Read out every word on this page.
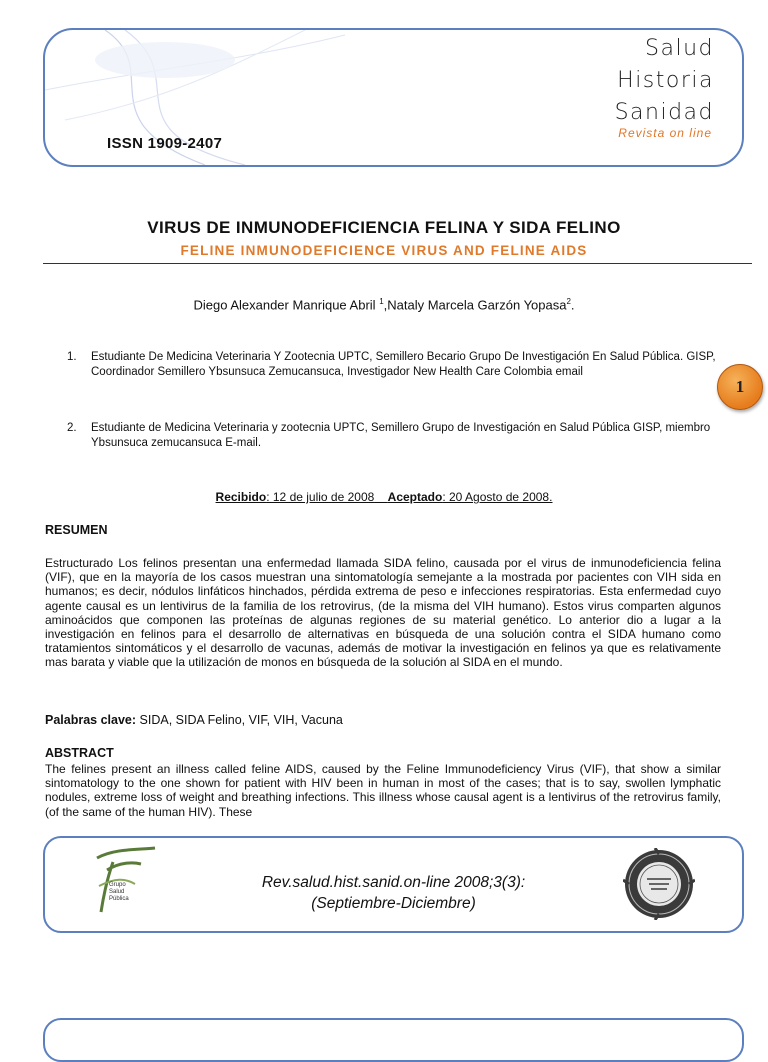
ISSN 1909-2407
Salud
Historia
Sanidad
Revista on line
VIRUS DE INMUNODEFICIENCIA FELINA Y SIDA FELINO
FELINE INMUNODEFICIENCE VIRUS AND FELINE AIDS
Diego Alexander Manrique Abril $^1$,Nataly Marcela Garzón Yopasa$^2$.
1. Estudiante De Medicina Veterinaria Y Zootecnia UPTC, Semillero Becario Grupo De Investigación En Salud Pública. GISP, Coordinador Semillero Ybsunsuca Zemucansuca, Investigador New Health Care Colombia email
2. Estudiante de Medicina Veterinaria y zootecnia UPTC, Semillero Grupo de Investigación en Salud Pública GISP, miembro Ybsunsuca zemucansuca E-mail.
1
Recibido: 12 de julio de 2008 Aceptado: 20 Agosto de 2008.
RESUMEN
Estructurado Los felinos presentan una enfermedad llamada SIDA felino, causada por el virus de inmunodeficiencia felina (VIF), que en la mayoría de los casos muestran una sintomatología semejante a la mostrada por pacientes con VIH sida en humanos; es decir, nódulos linfáticos hinchados, pérdida extrema de peso e infecciones respiratorias. Esta enfermedad cuyo agente causal es un lentivirus de la familia de los retrovirus, (de la misma del VIH humano). Estos virus comparten algunos aminoácidos que componen las proteínas de algunas regiones de su material genético. Lo anterior dio a lugar a la investigación en felinos para el desarrollo de alternativas en búsqueda de una solución contra el SIDA humano como tratamientos sintomáticos y el desarrollo de vacunas, además de motivar la investigación en felinos ya que es relativamente mas barata y viable que la utilización de monos en búsqueda de la solución al SIDA en el mundo.
Palabras clave: SIDA, SIDA Felino, VIF, VIH, Vacuna
ABSTRACT
The felines present an illness called feline AIDS, caused by the Feline Immunodeficiency Virus (VIF), that show a similar sintomatology to the one shown for patient with HIV been in human in most of the cases; that is to say, swollen lymphatic nodules, extreme loss of weight and breathing infections. This illness whose causal agent is a lentivirus of the retrovirus family, (of the same of the human HIV). These
Grupo
Salud
Pública
Rev.salud.hist.sanid.on-line 2008;3(3):
(Septiembre-Diciembre)
